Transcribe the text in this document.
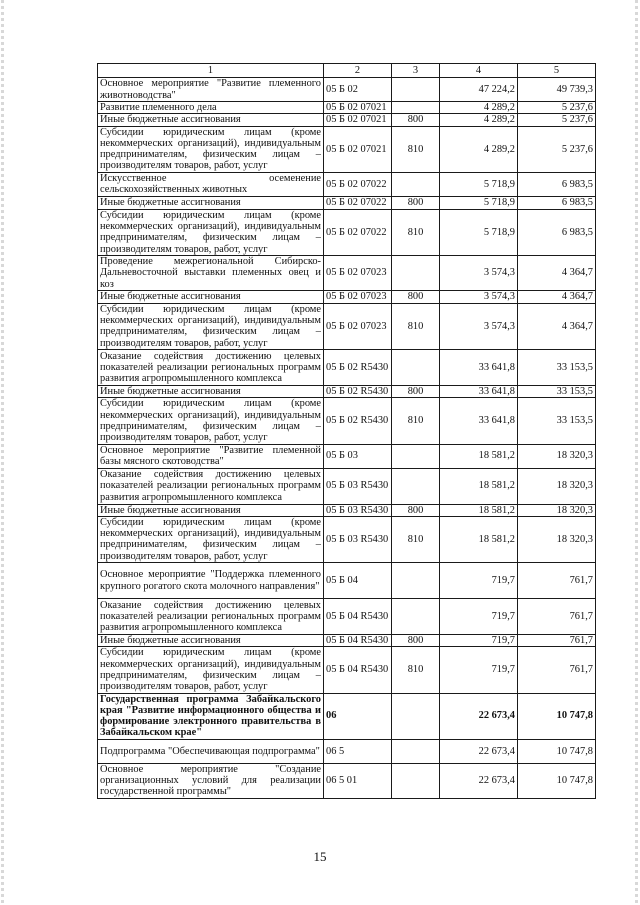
1	2	3	4	5
Основное мероприятие "Развитие племенного животноводства"	05 Б 02		47 224,2	49 739,3
Развитие племенного дела	05 Б 02 07021		4 289,2	5 237,6
Иные бюджетные ассигнования	05 Б 02 07021	800	4 289,2	5 237,6
Субсидии юридическим лицам (кроме некоммерческих организаций), индивидуальным предпринимателям, физическим лицам – производителям товаров, работ, услуг	05 Б 02 07021	810	4 289,2	5 237,6
Искусственное осеменение сельскохозяйственных животных	05 Б 02 07022		5 718,9	6 983,5
Иные бюджетные ассигнования	05 Б 02 07022	800	5 718,9	6 983,5
Субсидии юридическим лицам (кроме некоммерческих организаций), индивидуальным предпринимателям, физическим лицам – производителям товаров, работ, услуг	05 Б 02 07022	810	5 718,9	6 983,5
Проведение межрегиональной Сибирско-Дальневосточной выставки племенных овец и коз	05 Б 02 07023		3 574,3	4 364,7
Иные бюджетные ассигнования	05 Б 02 07023	800	3 574,3	4 364,7
Субсидии юридическим лицам (кроме некоммерческих организаций), индивидуальным предпринимателям, физическим лицам – производителям товаров, работ, услуг	05 Б 02 07023	810	3 574,3	4 364,7
Оказание содействия достижению целевых показателей реализации региональных программ развития агропромышленного комплекса	05 Б 02 R5430		33 641,8	33 153,5
Иные бюджетные ассигнования	05 Б 02 R5430	800	33 641,8	33 153,5
Субсидии юридическим лицам (кроме некоммерческих организаций), индивидуальным предпринимателям, физическим лицам – производителям товаров, работ, услуг	05 Б 02 R5430	810	33 641,8	33 153,5
Основное мероприятие "Развитие племенной базы мясного скотоводства"	05 Б 03		18 581,2	18 320,3
Оказание содействия достижению целевых показателей реализации региональных программ развития агропромышленного комплекса	05 Б 03 R5430		18 581,2	18 320,3
Иные бюджетные ассигнования	05 Б 03 R5430	800	18 581,2	18 320,3
Субсидии юридическим лицам (кроме некоммерческих организаций), индивидуальным предпринимателям, физическим лицам – производителям товаров, работ, услуг	05 Б 03 R5430	810	18 581,2	18 320,3
Основное мероприятие "Поддержка племенного крупного рогатого скота молочного направления"	05 Б 04		719,7	761,7
Оказание содействия достижению целевых показателей реализации региональных программ развития агропромышленного комплекса	05 Б 04 R5430		719,7	761,7
Иные бюджетные ассигнования	05 Б 04 R5430	800	719,7	761,7
Субсидии юридическим лицам (кроме некоммерческих организаций), индивидуальным предпринимателям, физическим лицам – производителям товаров, работ, услуг	05 Б 04 R5430	810	719,7	761,7
Государственная программа Забайкальского края "Развитие информационного общества и формирование электронного правительства в Забайкальском крае"	06		22 673,4	10 747,8
Подпрограмма "Обеспечивающая подпрограмма"	06 5		22 673,4	10 747,8
Основное мероприятие "Создание организационных условий для реализации государственной программы"	06 5 01		22 673,4	10 747,8
15
